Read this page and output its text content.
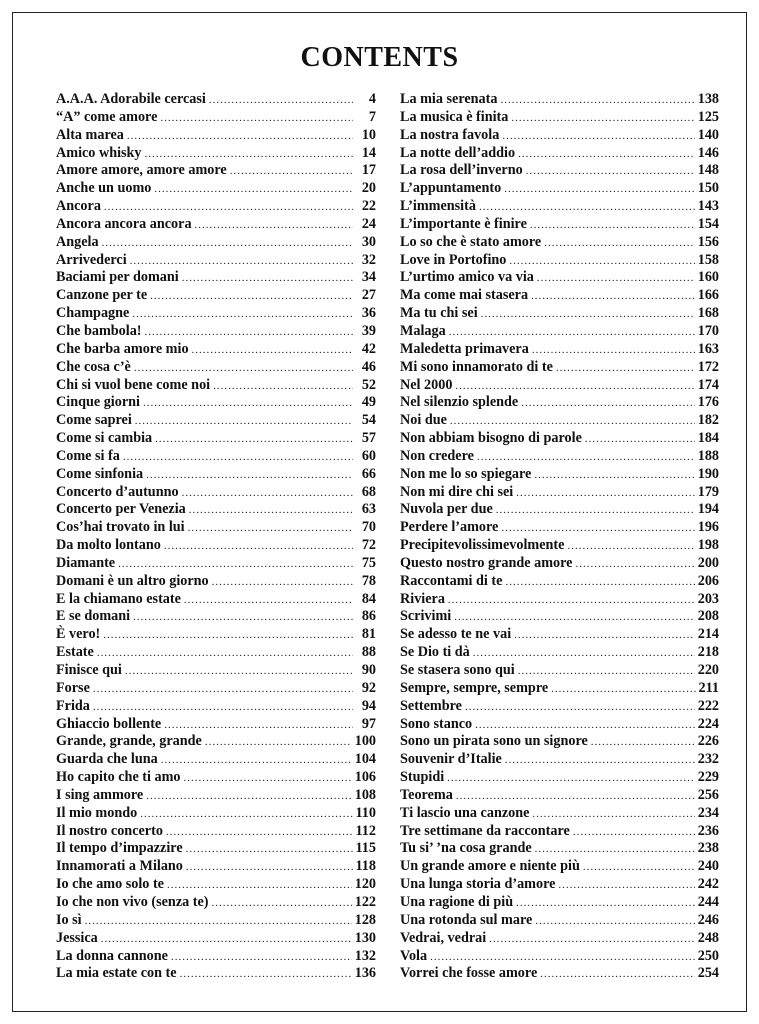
CONTENTS
A.A.A. Adorabile cercasi .....	4
“A” come amore .....	7
Alta marea .....	10
Amico whisky .....	14
Amore amore, amore amore .....	17
Anche un uomo .....	20
Ancora .....	22
Ancora ancora ancora .....	24
Angela .....	30
Arrivederci .....	32
Baciami per domani .....	34
Canzone per te .....	27
Champagne .....	36
Che bambola! .....	39
Che barba amore mio .....	42
Che cosa c’è .....	46
Chi si vuol bene come noi .....	52
Cinque giorni .....	49
Come saprei .....	54
Come si cambia .....	57
Come si fa .....	60
Come sinfonia .....	66
Concerto d’autunno .....	68
Concerto per Venezia .....	63
Cos’hai trovato in lui .....	70
Da molto lontano .....	72
Diamante .....	75
Domani è un altro giorno .....	78
E la chiamano estate .....	84
E se domani .....	86
È vero! .....	81
Estate .....	88
Finisce qui .....	90
Forse .....	92
Frida .....	94
Ghiaccio bollente .....	97
Grande, grande, grande .....	100
Guarda che luna .....	104
Ho capito che ti amo .....	106
I sing ammore .....	108
Il mio mondo .....	110
Il nostro concerto .....	112
Il tempo d’impazzire .....	115
Innamorati a Milano .....	118
Io che amo solo te .....	120
Io che non vivo (senza te) .....	122
Io sì .....	128
Jessica .....	130
La donna cannone .....	132
La mia estate con te .....	136
La mia serenata .....	138
La musica è finita .....	125
La nostra favola .....	140
La notte dell’addio .....	146
La rosa dell’inverno .....	148
L’appuntamento .....	150
L’immensità .....	143
L’importante è finire .....	154
Lo so che è stato amore .....	156
Love in Portofino .....	158
L’urtimo amico va via .....	160
Ma come mai stasera .....	166
Ma tu chi sei .....	168
Malaga .....	170
Maledetta primavera .....	163
Mi sono innamorato di te .....	172
Nel 2000 .....	174
Nel silenzio splende .....	176
Noi due .....	182
Non abbiam bisogno di parole .....	184
Non credere .....	188
Non me lo so spiegare .....	190
Non mi dire chi sei .....	179
Nuvola per due .....	194
Perdere l’amore .....	196
Precipitevolissimevolmente .....	198
Questo nostro grande amore .....	200
Raccontami di te .....	206
Riviera .....	203
Scrivimi .....	208
Se adesso te ne vai .....	214
Se Dio ti dà .....	218
Se stasera sono qui .....	220
Sempre, sempre, sempre .....	211
Settembre .....	222
Sono stanco .....	224
Sono un pirata sono un signore .....	226
Souvenir d’Italie .....	232
Stupidi .....	229
Teorema .....	256
Ti lascio una canzone .....	234
Tre settimane da raccontare .....	236
Tu si’ ’na cosa grande .....	238
Un grande amore e niente più .....	240
Una lunga storia d’amore .....	242
Una ragione di più .....	244
Una rotonda sul mare .....	246
Vedrai, vedrai .....	248
Vola .....	250
Vorrei che fosse amore .....	254
